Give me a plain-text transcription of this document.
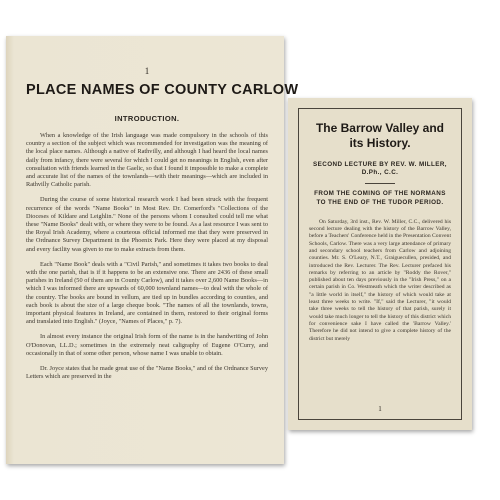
1
PLACE NAMES OF COUNTY CARLOW
INTRODUCTION.

When a knowledge of the Irish language was made compulsory in the schools of this country a section of the subject which was recommended for investigation was the meaning of the local place names. Although a native of Rathvilly, and although I had heard the local names daily from infancy, there were several for which I could get no meanings in English, even after consultation with friends learned in the Gaelic, so that I found it impossible to make a complete and accurate list of the names of the townlands—with their meanings—which are included in Rathvilly Catholic parish.

During the course of some historical research work I had been struck with the frequent recurrence of the words "Name Books" in Most Rev. Dr. Comerford's "Collections of the Dioceses of Kildare and Leighlin." None of the persons whom I consulted could tell me what these "Name Books" dealt with, or where they were to be found. As a last resource I was sent to the Royal Irish Academy, where a courteous official informed me that they were preserved in the Ordnance Survey Department in the Phoenix Park. Here they were placed at my disposal and every facility was given to me to make extracts from them.

Each "Name Book" deals with a "Civil Parish," and sometimes it takes two books to deal with the one parish, that is if it happens to be an extensive one. There are 2436 of these small parishes in Ireland (50 of them are in County Carlow), and it takes over 2,600 Name Books—in which I was informed there are upwards of 60,000 townland names—to deal with the whole of the country. The books are bound in vellum, are tied up in bundles according to counties, and each book is about the size of a large cheque book. "The names of all the townlands, towns, important physical features in Ireland, are contained in them, restored to their original forms and translated into English." (Joyce, "Names of Places," p. 7).

In almost every instance the original Irish form of the name is in the handwriting of John O'Donovan, LL.D.; sometimes in the extremely neat caligraphy of Eugene O'Curry, and occasionally in that of some other person, whose name I was unable to obtain.

Dr. Joyce states that he made great use of the "Name Books," and of the Ordnance Survey Letters which are preserved in the

The Barrow Valley and its History.
SECOND LECTURE BY REV. W. MILLER, D.Ph., C.C.
FROM THE COMING OF THE NORMANS TO THE END OF THE TUDOR PERIOD.

On Saturday, 3rd inst., Rev. W. Miller, C.C., delivered his second lecture dealing with the history of the Barrow Valley, before a Teachers' Conference held in the Presentation Convent Schools, Carlow. There was a very large attendance of primary and secondary school teachers from Carlow and adjoining counties. Mr. S. O'Leary, N.T., Graiguecullen, presided, and introduced the Rev. Lecturer. The Rev. Lecturer prefaced his remarks by referring to an article by "Roddy the Rover," published about ten days previously in the "Irish Press," on a certain parish in Co. Westmeath which the writer described as "a little world in itself," the history of which would take at least three weeks to write. "If," said the Lecturer, "it would take three weeks to tell the history of that parish, surely it would take much longer to tell the history of this district which for convenience sake I have called the 'Barrow Valley.' Therefore he did not intend to give a complete history of the district but merely

1
